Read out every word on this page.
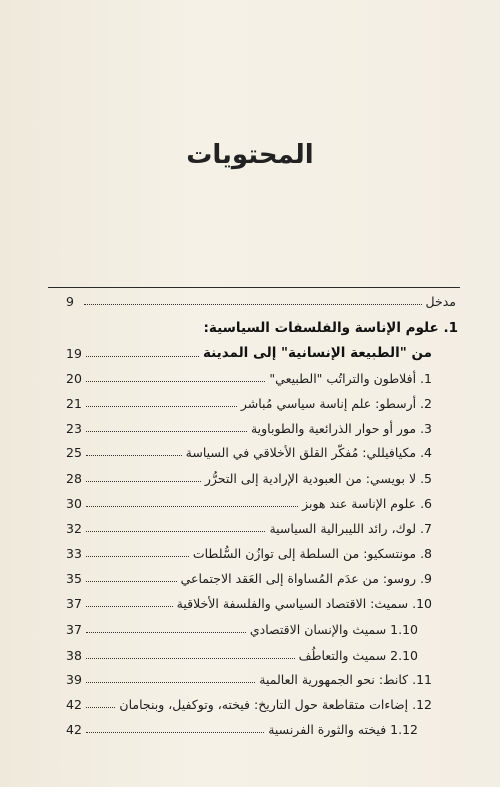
المحتويات
مدخل
9
1. علوم الإناسة والفلسفات السياسية:
من "الطبيعة الإنسانية" إلى المدينة
19
1. أفلاطون والتراتُب "الطبيعي"
20
2. أرسطو: علم إناسة سياسي مُباشر
21
3. مور أو حوار الذرائعية والطوباوية
23
4. مكيافيللي: مُفكّر القلق الأخلاقي في السياسة
25
5. لا بويسي: من العبودية الإرادية إلى التحرُّر
28
6. علوم الإناسة عند هوبز
30
7. لوك، رائد الليبرالية السياسية
32
8. مونتسكيو: من السلطة إلى توازُن السُّلطات
33
9. روسو: من عدَم المُساواة إلى العَقد الاجتماعي
35
10. سميث: الاقتصاد السياسي والفلسفة الأخلاقية
37
1.10 سميث والإنسان الاقتصادي
37
2.10 سميث والتعاطُف
38
11. كانط: نحو الجمهورية العالمية
39
12. إضاءات متقاطعة حول التاريخ: فيخته، وتوكفيل، وبنجامان
42
1.12 فيخته والثورة الفرنسية
42
